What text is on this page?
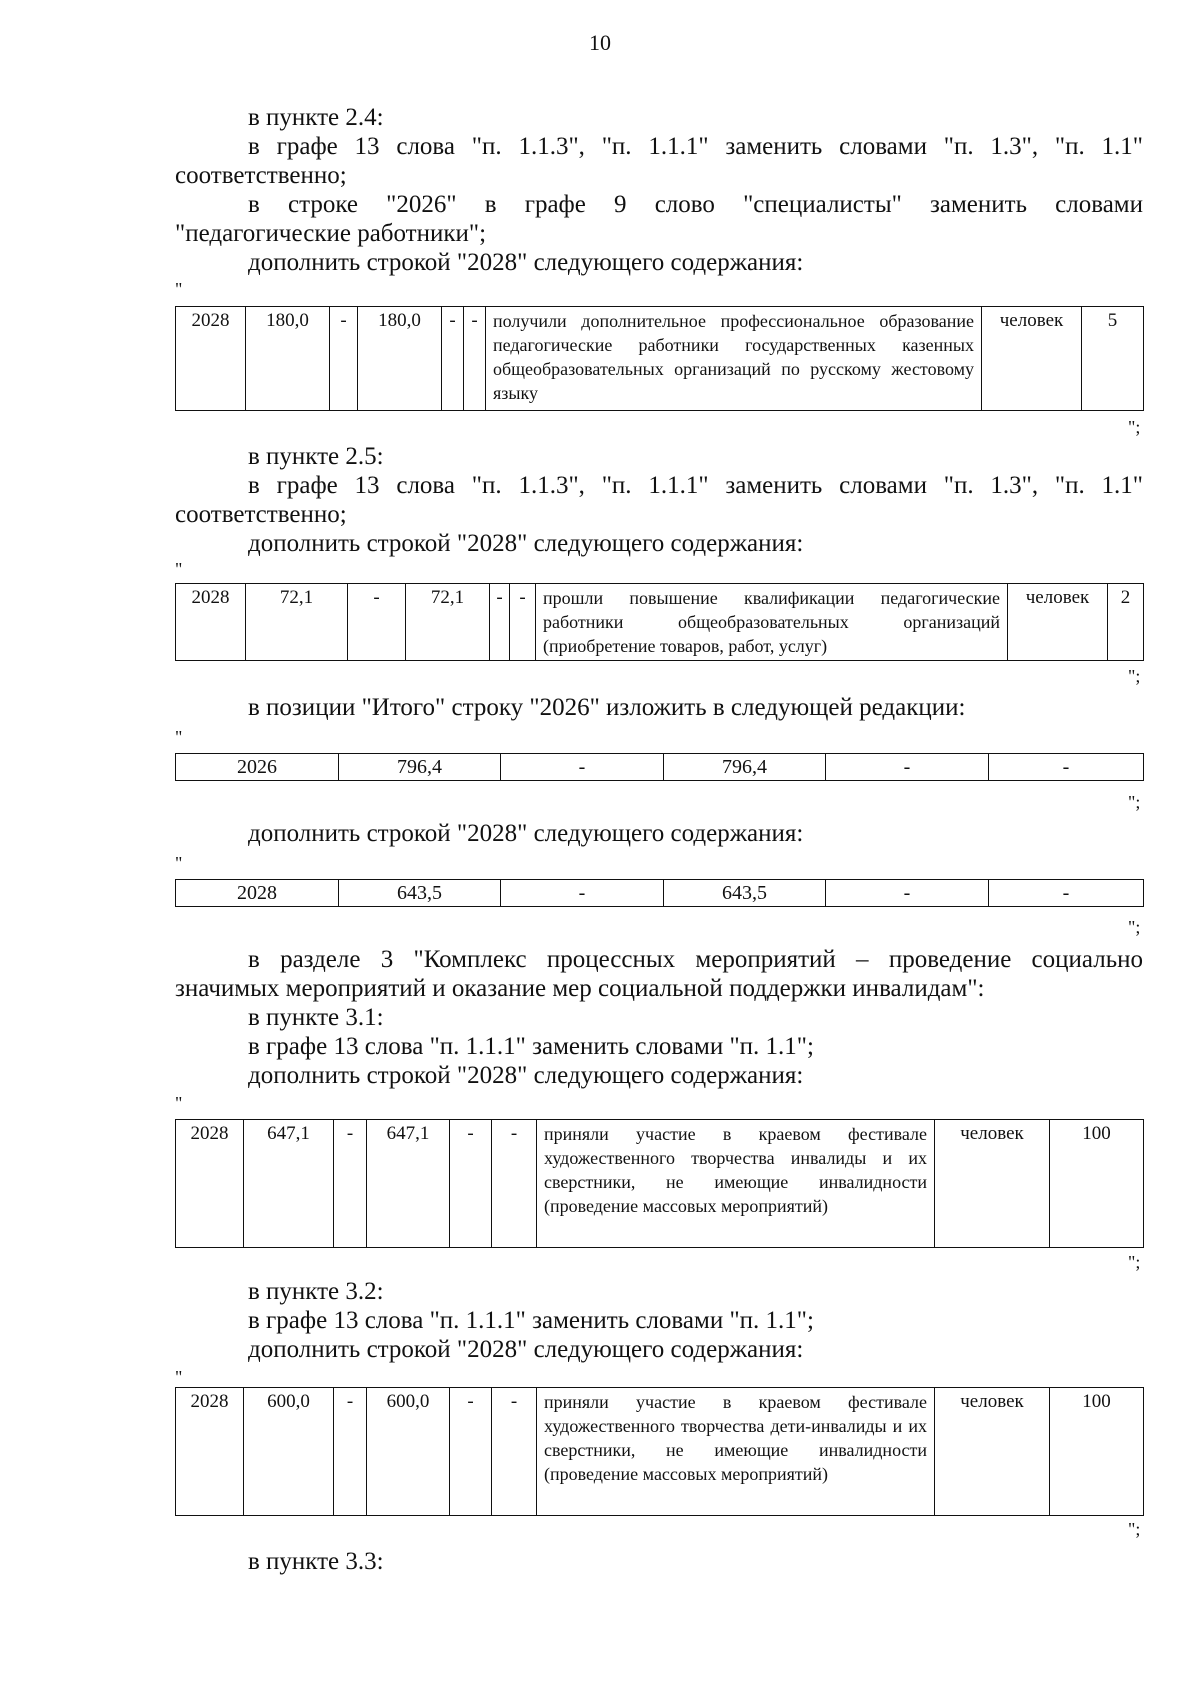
10
в пункте 2.4:
в графе 13 слова "п. 1.1.3", "п. 1.1.1" заменить словами "п. 1.3", "п. 1.1"
соответственно;
в строке "2026" в графе 9 слово "специалисты" заменить словами
"педагогические работники";
дополнить строкой "2028" следующего содержания:
"
2028	180,0	-	180,0	-	-	получили дополнительное профессиональное образование педагогические работники государственных казенных общеобразовательных организаций по русскому жестовому языку	человек	5
";
в пункте 2.5:
в графе 13 слова "п. 1.1.3", "п. 1.1.1" заменить словами "п. 1.3", "п. 1.1"
соответственно;
дополнить строкой "2028" следующего содержания:
"
2028	72,1	-	72,1	-	-	прошли повышение квалификации педагогические работники общеобразовательных организаций (приобретение товаров, работ, услуг)	человек	2
";
в позиции "Итого" строку "2026" изложить в следующей редакции:
"
2026	796,4	-	796,4	-	-
";
дополнить строкой "2028" следующего содержания:
"
2028	643,5	-	643,5	-	-
";
в разделе 3 "Комплекс процессных мероприятий – проведение социально
значимых мероприятий и оказание мер социальной поддержки инвалидам":
в пункте 3.1:
в графе 13 слова "п. 1.1.1" заменить словами "п. 1.1";
дополнить строкой "2028" следующего содержания:
"
2028	647,1	-	647,1	-	-	приняли участие в краевом фестивале художественного творчества инвалиды и их сверстники, не имеющие инвалидности (проведение массовых мероприятий)	человек	100
";
в пункте 3.2:
в графе 13 слова "п. 1.1.1" заменить словами "п. 1.1";
дополнить строкой "2028" следующего содержания:
"
2028	600,0	-	600,0	-	-	приняли участие в краевом фестивале художественного творчества дети-инвалиды и их сверстники, не имеющие инвалидности (проведение массовых мероприятий)	человек	100
";
в пункте 3.3:
